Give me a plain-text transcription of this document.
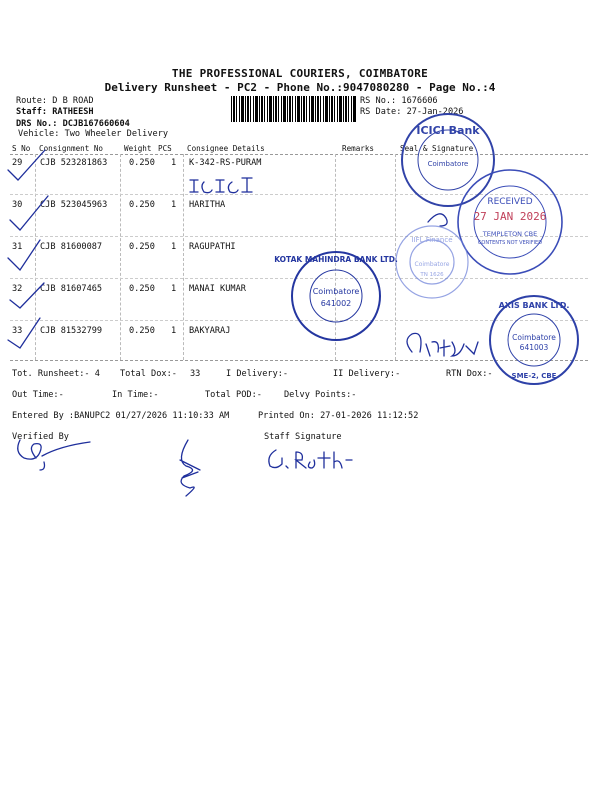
THE PROFESSIONAL COURIERS, COIMBATORE
Delivery Runsheet - PC2 - Phone No.:9047080280 - Page No.:4
Route: D B ROAD
Staff: RATHEESH
DRS No.: DCJB167660604
Vehicle: Two Wheeler Delivery
RS No.: 1676606
RS Date: 27-Jan-2026
S No Consignment No	Weight PCS Consignee Details	Remarks	Seal & Signature
29 CJB 523281863	0.250 1 K-342-RS-PURAM
30 CJB 523045963	0.250 1 HARITHA
31 CJB 81600087	0.250 1 RAGUPATHI
32 CJB 81607465	0.250 1 MANAI KUMAR
33 CJB 81532799	0.250 1 BAKYARAJ
Tot. Runsheet:- 4 Total Dox:- 33	I Delivery:-	II Delivery:-	RTN Dox:-
Out Time:-	In Time:-	Total POD:-	Delvy Points:-
Entered By :BANUPC2 01/27/2026 11:10:33 AM	Printed On: 27-01-2026 11:12:52
Verified By	Staff Signature
ICICI Bank
Coimbatore
RECEIVED
27 JAN 2026
TEMPLETON CBE
CONTENTS NOT VERIFIED
IIFL Finance
Coimbatore
TN 1626
KOTAK MAHINDRA BANK LTD.
Coimbatore
641002	AXIS BANK LTD.
Coimbatore
641003
SME-2, CBE
